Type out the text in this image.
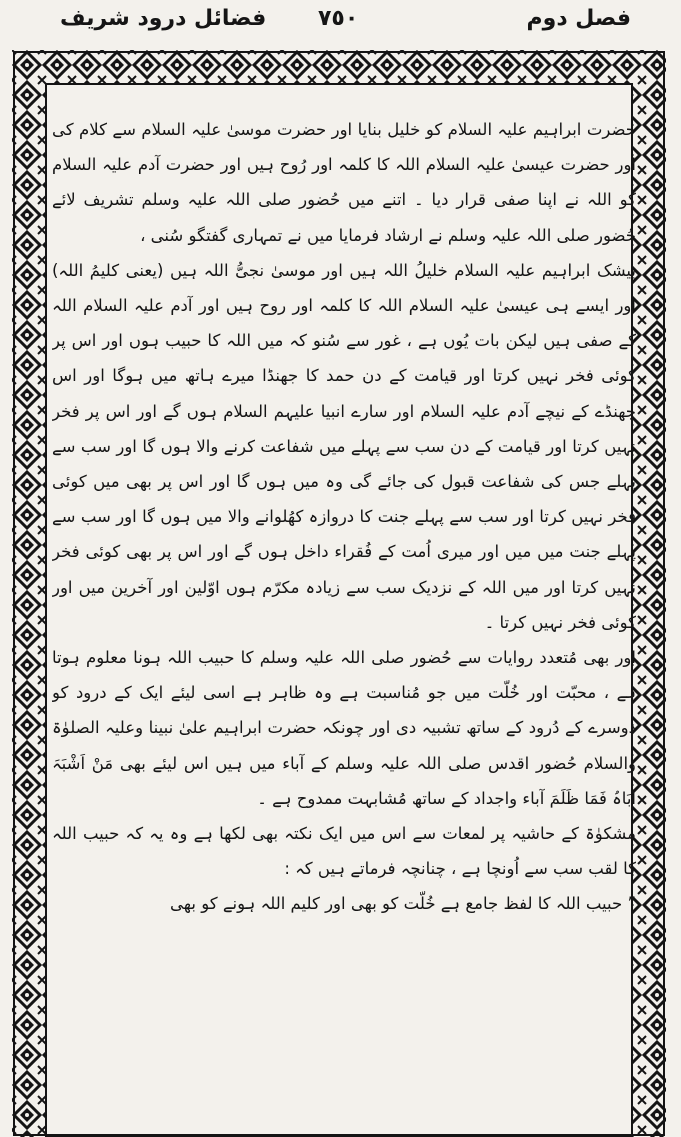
فصل دوم
٧٥٠
فضائل درود شریف

حضرت ابراہیم علیہ السلام کو خلیل بنایا اور حضرت موسیٰ علیہ السلام سے کلام کی اور حضرت عیسیٰ علیہ السلام اللہ کا کلمہ اور رُوح ہیں اور حضرت آدم علیہ السلام کو اللہ نے اپنا صفی قرار دیا ۔ اتنے میں حُضور صلی اللہ علیہ وسلم تشریف لائے حُضور صلی اللہ علیہ وسلم نے ارشاد فرمایا میں نے تمہاری گفتگو سُنی ،

بیشک ابراہیم علیہ السلام خلیلُ اللہ ہیں اور موسیٰ نجیُّ اللہ ہیں (یعنی کلیمُ اللہ) اور ایسے ہی عیسیٰ علیہ السلام اللہ کا کلمہ اور روح ہیں اور آدم علیہ السلام اللہ کے صفی ہیں لیکن بات یُوں ہے ، غور سے سُنو کہ میں اللہ کا حبیب ہوں اور اس پر کوئی فخر نہیں کرتا اور قیامت کے دن حمد کا جھنڈا میرے ہاتھ میں ہوگا اور اس جھنڈے کے نیچے آدم علیہ السلام اور سارے انبیا علیہم السلام ہوں گے اور اس پر فخر نہیں کرتا اور قیامت کے دن سب سے پہلے میں شفاعت کرنے والا ہوں گا اور سب سے پہلے جس کی شفاعت قبول کی جائے گی وہ میں ہوں گا اور اس پر بھی میں کوئی فخر نہیں کرتا اور سب سے پہلے جنت کا دروازہ کھُلوانے والا میں ہوں گا اور سب سے پہلے جنت میں میں اور میری اُمت کے فُقراء داخل ہوں گے اور اس پر بھی کوئی فخر نہیں کرتا اور میں اللہ کے نزدیک سب سے زیادہ مکرّم ہوں اوّلین اور آخرین میں اور کوئی فخر نہیں کرتا ۔

اور بھی مُتعدد روایات سے حُضور صلی اللہ علیہ وسلم کا حبیب اللہ ہونا معلوم ہوتا ہے ، محبّت اور خُلّت میں جو مُناسبت ہے وہ ظاہر ہے اسی لیئے ایک کے درود کو دوسرے کے دُرود کے ساتھ تشبیہ دی اور چونکہ حضرت ابراہیم علیٰ نبینا وعلیہ الصلوٰۃ والسلام حُضور اقدس صلی اللہ علیہ وسلم کے آباء میں ہیں اس لیئے بھی مَنْ اَشْبَہَ اَبَاہُ فَمَا ظَلَمَ آباء واجداد کے ساتھ مُشابہت ممدوح ہے ۔

مشکوٰۃ کے حاشیہ پر لمعات سے اس میں ایک نکتہ بھی لکھا ہے وہ یہ کہ حبیب اللہ کا لقب سب سے اُونچا ہے ، چنانچہ فرماتے ہیں کہ :

” حبیب اللہ کا لفظ جامع ہے خُلّت کو بھی اور کلیم اللہ ہونے کو بھی
